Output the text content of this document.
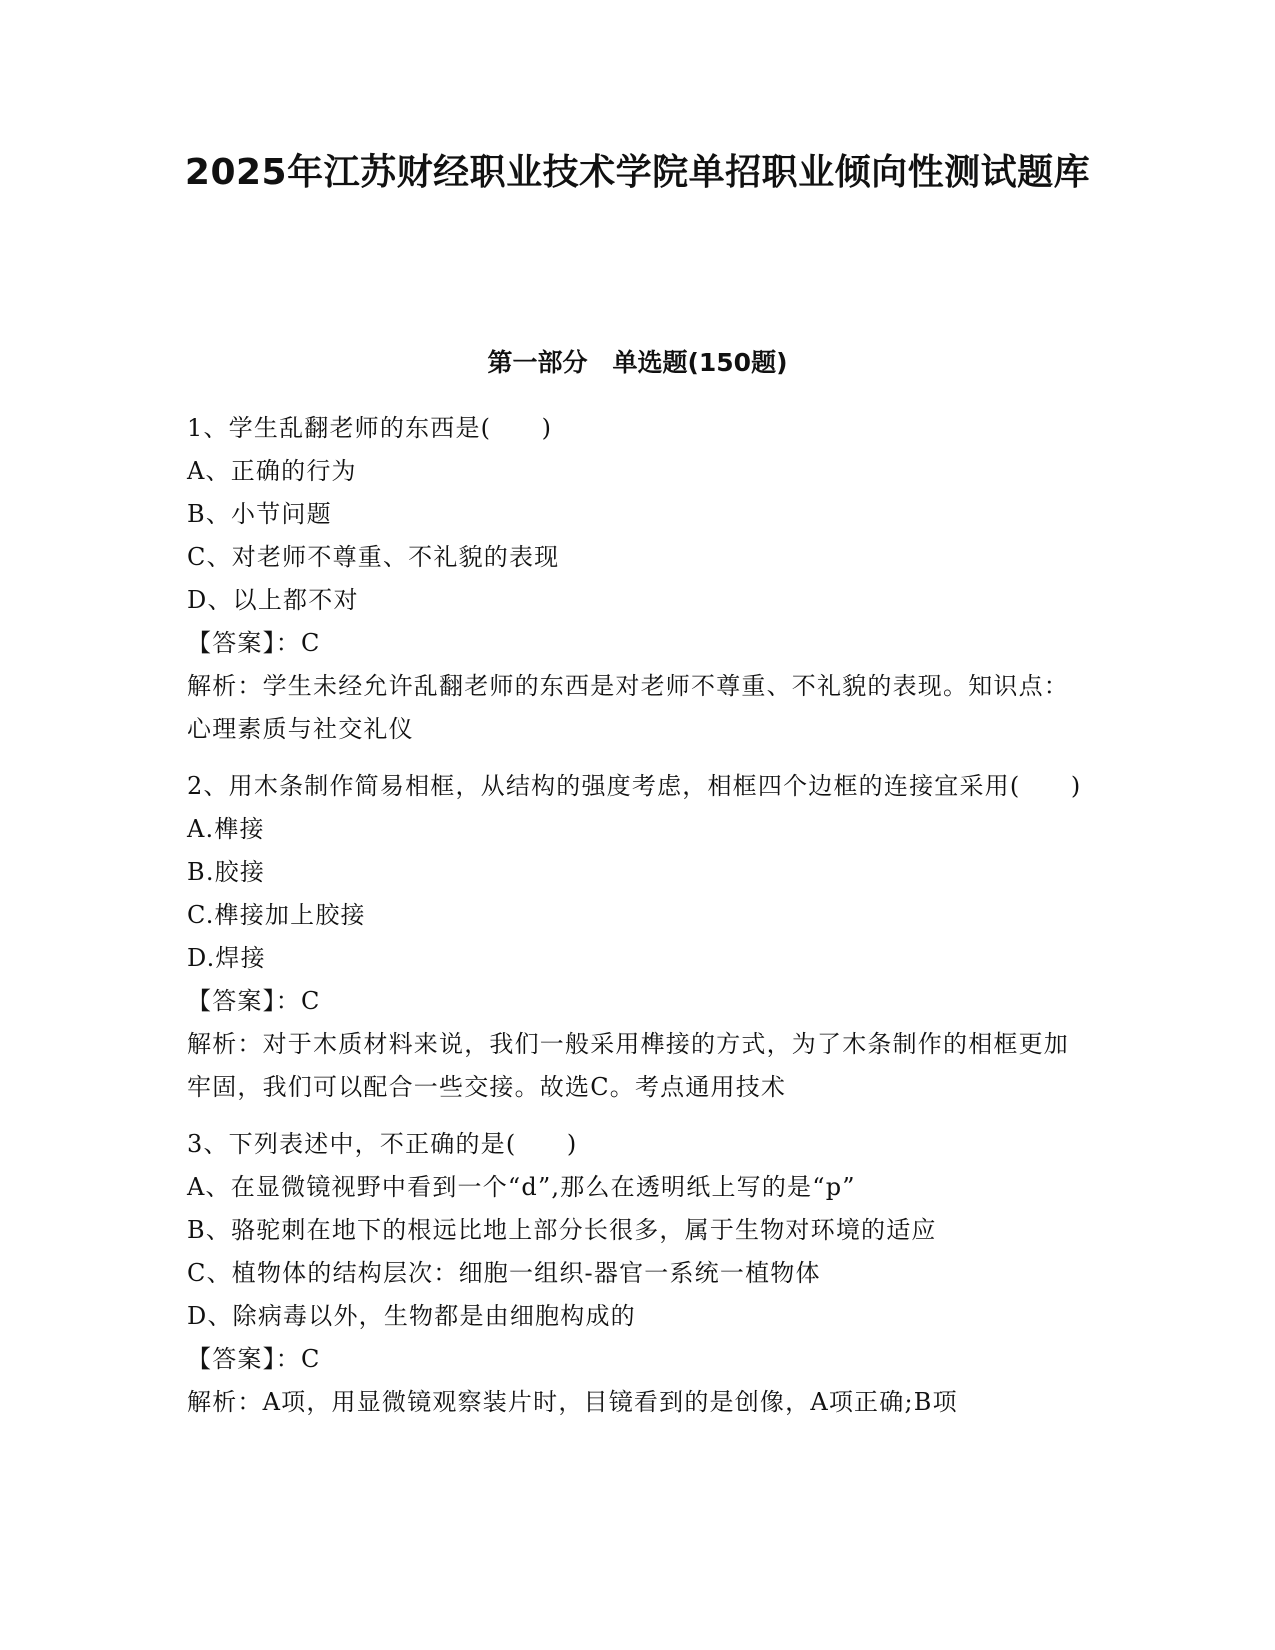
2025年江苏财经职业技术学院单招职业倾向性测试题库
第一部分　单选题(150题)

1、学生乱翻老师的东西是(　　)

A、正确的行为

B、小节问题

C、对老师不尊重、不礼貌的表现

D、以上都不对

【答案】：C

解析：学生未经允许乱翻老师的东西是对老师不尊重、不礼貌的表现。知识点：心理素质与社交礼仪

2、用木条制作简易相框，从结构的强度考虑，相框四个边框的连接宜采用(　　)

A.榫接

B.胶接

C.榫接加上胶接

D.焊接

【答案】：C

解析：对于木质材料来说，我们一般采用榫接的方式，为了木条制作的相框更加牢固，我们可以配合一些交接。故选C。考点通用技术

3、下列表述中，不正确的是(　　)

A、在显微镜视野中看到一个“d”,那么在透明纸上写的是“p”

B、骆驼刺在地下的根远比地上部分长很多，属于生物对环境的适应

C、植物体的结构层次：细胞一组织-器官一系统一植物体

D、除病毒以外，生物都是由细胞构成的

【答案】：C

解析：A项，用显微镜观察装片时，目镜看到的是创像，A项正确;B项
